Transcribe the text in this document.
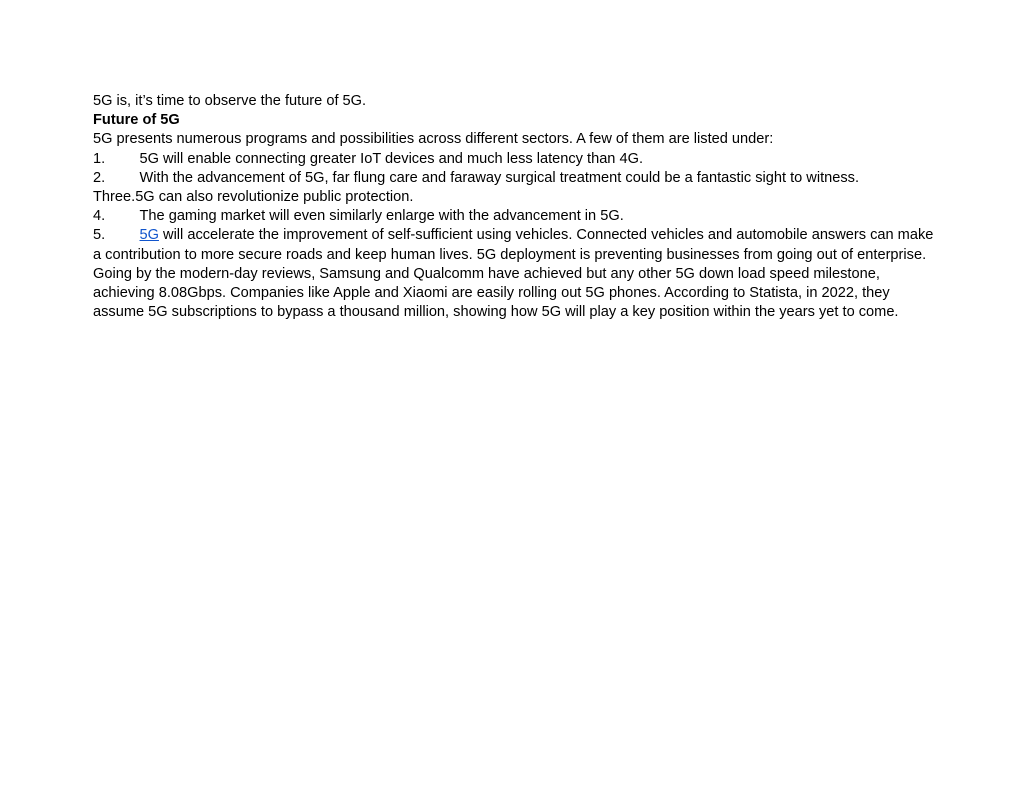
5G is, it’s time to observe the future of 5G.
Future of 5G
5G presents numerous programs and possibilities across different sectors. A few of them are listed under:
1. 5G will enable connecting greater IoT devices and much less latency than 4G.
2. With the advancement of 5G, far flung care and faraway surgical treatment could be a fantastic sight to witness.
Three.5G can also revolutionize public protection.
4. The gaming market will even similarly enlarge with the advancement in 5G.
5. 5G will accelerate the improvement of self-sufficient using vehicles. Connected vehicles and automobile answers can make a contribution to more secure roads and keep human lives. 5G deployment is preventing businesses from going out of enterprise. Going by the modern-day reviews, Samsung and Qualcomm have achieved but any other 5G down load speed milestone, achieving 8.08Gbps. Companies like Apple and Xiaomi are easily rolling out 5G phones. According to Statista, in 2022, they assume 5G subscriptions to bypass a thousand million, showing how 5G will play a key position within the years yet to come.
